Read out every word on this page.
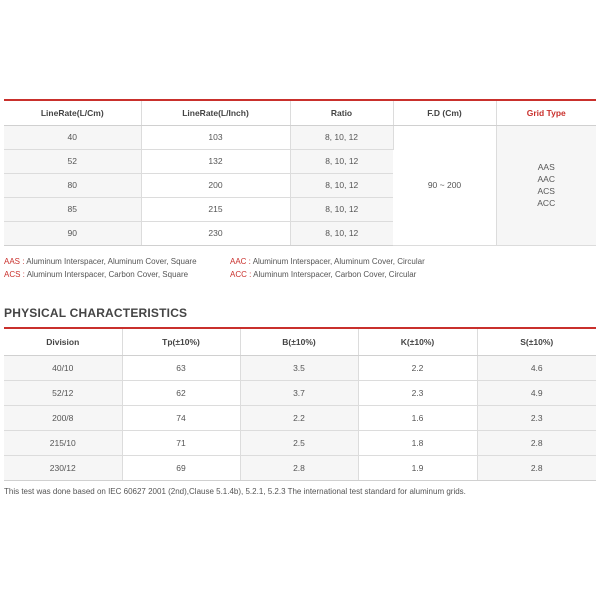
LineRate(L/Cm)	LineRate(L/Inch)	Ratio	F.D (Cm)	Grid Type
40	103	8, 10, 12	90 ~ 200	AAS
AAC
ACS
ACC

52	132	8, 10, 12		
80	200	8, 10, 12		
85	215	8, 10, 12		
90	230	8, 10, 12		
AAS : Aluminum Interspacer, Aluminum Cover, Square	AAC : Aluminum Interspacer, Aluminum Cover, Circular
ACS : Aluminum Interspacer, Carbon Cover, Square	ACC : Aluminum Interspacer, Carbon Cover, Circular
PHYSICAL CHARACTERISTICS
Division	Tp(±10%)	B(±10%)	K(±10%)	S(±10%)
40/10	63	3.5	2.2	4.6
52/12	62	3.7	2.3	4.9
200/8	74	2.2	1.6	2.3
215/10	71	2.5	1.8	2.8
230/12	69	2.8	1.9	2.8
This test was done based on IEC 60627 2001 (2nd),Clause 5.1.4b), 5.2.1, 5.2.3 The international test standard for aluminum grids.
